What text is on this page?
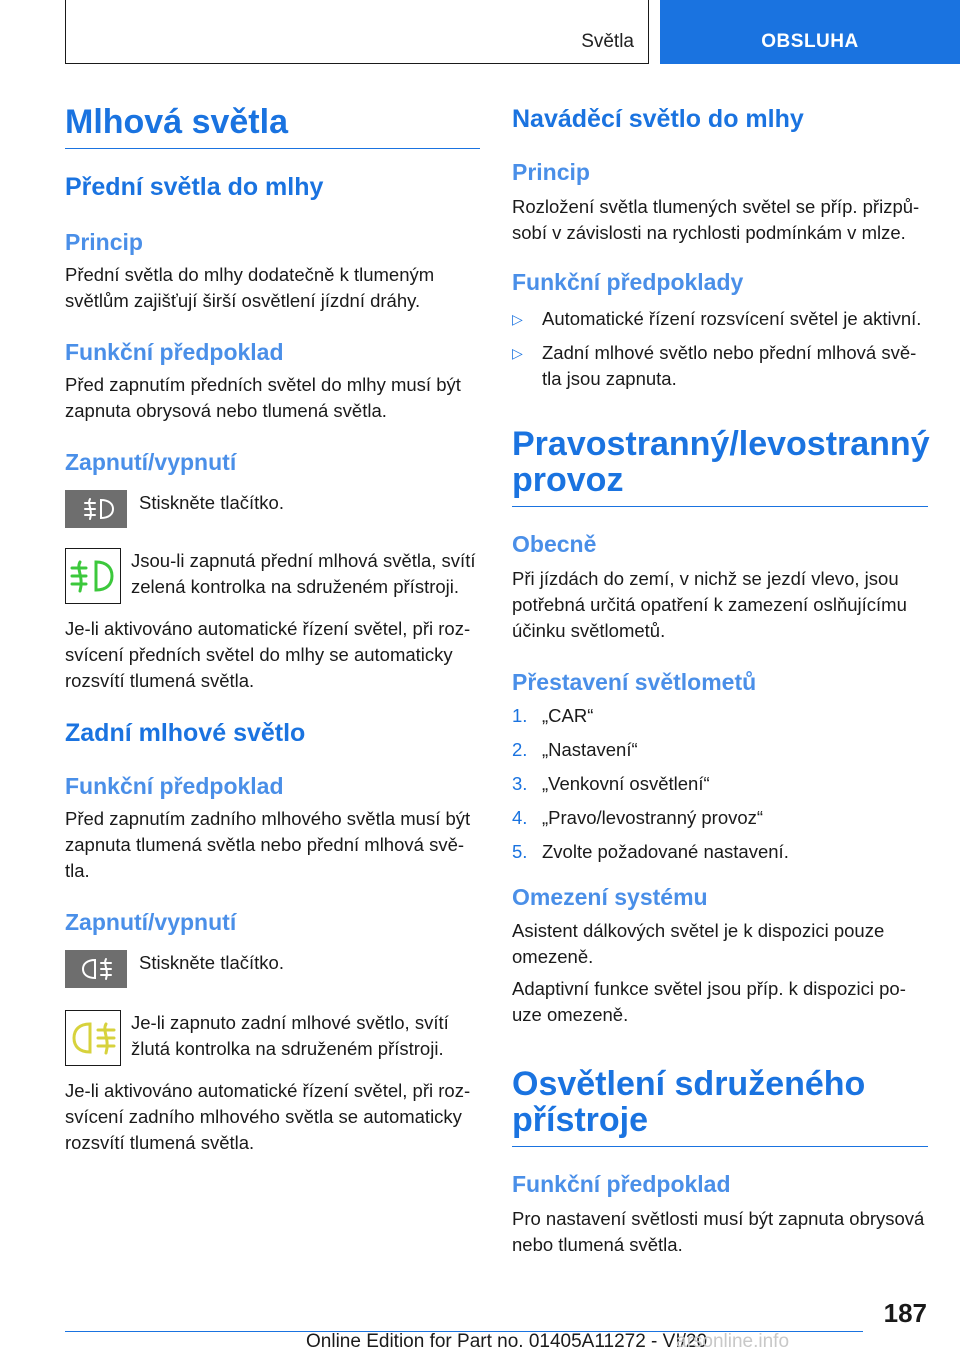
Světla	OBSLUHA
Mlhová světla
Přední světla do mlhy
Princip

Přední světla do mlhy dodatečně k tlumeným světlům zajišťují širší osvětlení jízdní dráhy.

Funkční předpoklad

Před zapnutím předních světel do mlhy musí být zapnuta obrysová nebo tlumená světla.

Zapnutí/vypnutí

Stiskněte tlačítko.

Jsou-li zapnutá přední mlhová světla, svítí zelená kontrolka na sdruženém přístroji.

Je-li aktivováno automatické řízení světel, při rozsvícení předních světel do mlhy se automaticky rozsvítí tlumená světla.

Zadní mlhové světlo
Funkční předpoklad

Před zapnutím zadního mlhového světla musí být zapnuta tlumená světla nebo přední mlhová světla.

Zapnutí/vypnutí

Stiskněte tlačítko.

Je-li zapnuto zadní mlhové světlo, svítí žlutá kontrolka na sdruženém přístroji.

Je-li aktivováno automatické řízení světel, při rozsvícení zadního mlhového světla se automaticky rozsvítí tlumená světla.

Naváděcí světlo do mlhy
Princip

Rozložení světla tlumených světel se příp. přizpůsobí v závislosti na rychlosti podmínkám v mlze.

Funkční předpoklady
▷ Automatické řízení rozsvícení světel je aktivní.
▷ Zadní mlhové světlo nebo přední mlhová světla jsou zapnuta.
Pravostranný/levostranný
provoz
Obecně

Při jízdách do zemí, v nichž se jezdí vlevo, jsou potřebná určitá opatření k zamezení oslňujícímu účinku světlometů.

Přestavení světlometů
1. „CAR“
2. „Nastavení“
3. „Venkovní osvětlení“
4. „Pravo/levostranný provoz“
5. Zvolte požadované nastavení.
Omezení systému

Asistent dálkových světel je k dispozici pouze omezeně.

Adaptivní funkce světel jsou příp. k dispozici pouze omezeně.

Osvětlení sdruženého
přístroje
Funkční předpoklad

Pro nastavení světlosti musí být zapnuta obrysová nebo tlumená světla.

187
Online Edition for Part no. 01405A11272 - VI/20
arsonline.info
